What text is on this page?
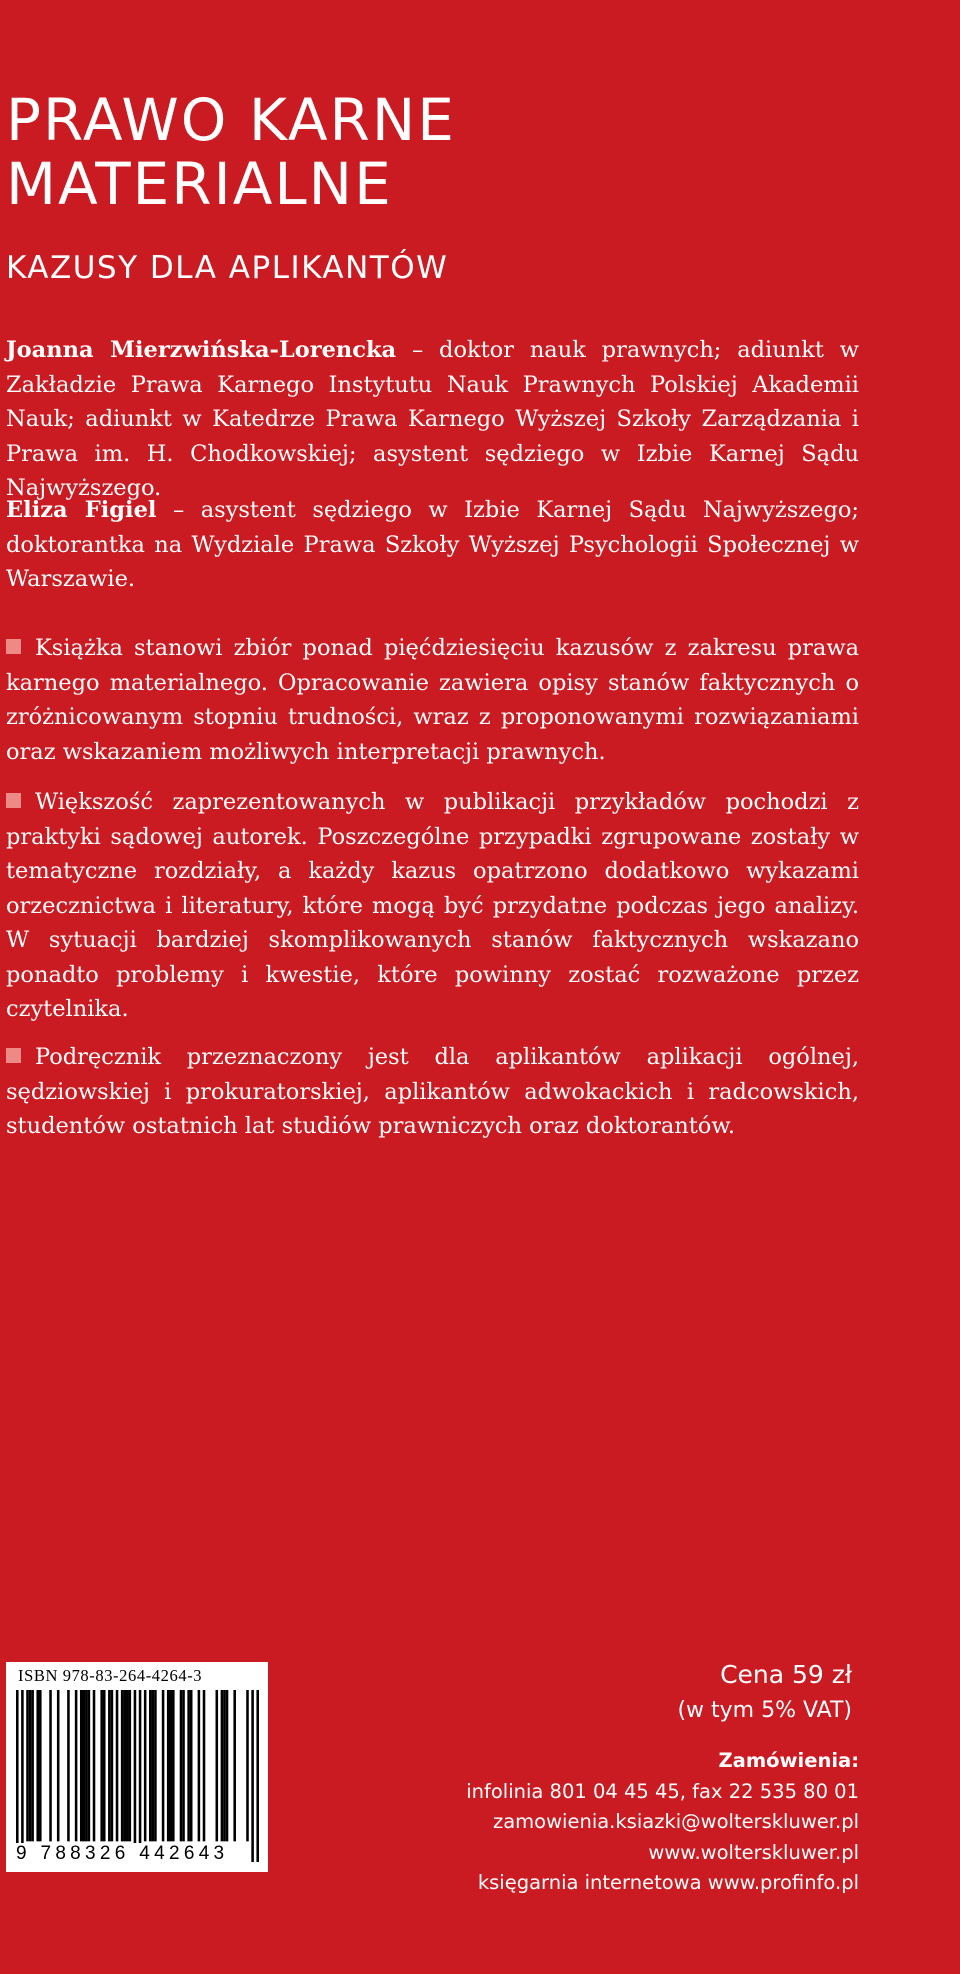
PRAWO KARNE
MATERIALNE
KAZUSY DLA APLIKANTÓW

Joanna Mierzwińska-Lorencka – doktor nauk prawnych; adiunkt w Zakładzie Prawa Karnego Instytutu Nauk Prawnych Polskiej Akademii Nauk; adiunkt w Katedrze Prawa Karnego Wyższej Szkoły Zarządzania i Prawa im. H. Chodkowskiej; asystent sędziego w Izbie Karnej Sądu Najwyższego.

Eliza Figiel – asystent sędziego w Izbie Karnej Sądu Najwyższego; doktorantka na Wydziale Prawa Szkoły Wyższej Psychologii Społecznej w Warszawie.

Książka stanowi zbiór ponad pięćdziesięciu kazusów z zakresu prawa karnego materialnego. Opracowanie zawiera opisy stanów faktycznych o zróżnicowanym stopniu trudności, wraz z proponowanymi rozwiązaniami oraz wskazaniem możliwych interpretacji prawnych.

Większość zaprezentowanych w publikacji przykładów pochodzi z praktyki sądowej autorek. Poszczególne przypadki zgrupowane zostały w tematyczne rozdziały, a każdy kazus opatrzono dodatkowo wykazami orzecznictwa i literatury, które mogą być przydatne podczas jego analizy. W sytuacji bardziej skomplikowanych stanów faktycznych wskazano ponadto problemy i kwestie, które powinny zostać rozważone przez czytelnika.

Podręcznik przeznaczony jest dla aplikantów aplikacji ogólnej, sędziowskiej i prokuratorskiej, aplikantów adwokackich i radcowskich, studentów ostatnich lat studiów prawniczych oraz doktorantów.

ISBN 978-83-264-4264-3
9 788326 442643
Cena 59 zł
(w tym 5% VAT)
Zamówienia:
infolinia 801 04 45 45, fax 22 535 80 01
zamowienia.ksiazki@wolterskluwer.pl
www.wolterskluwer.pl
księgarnia internetowa www.profinfo.pl
